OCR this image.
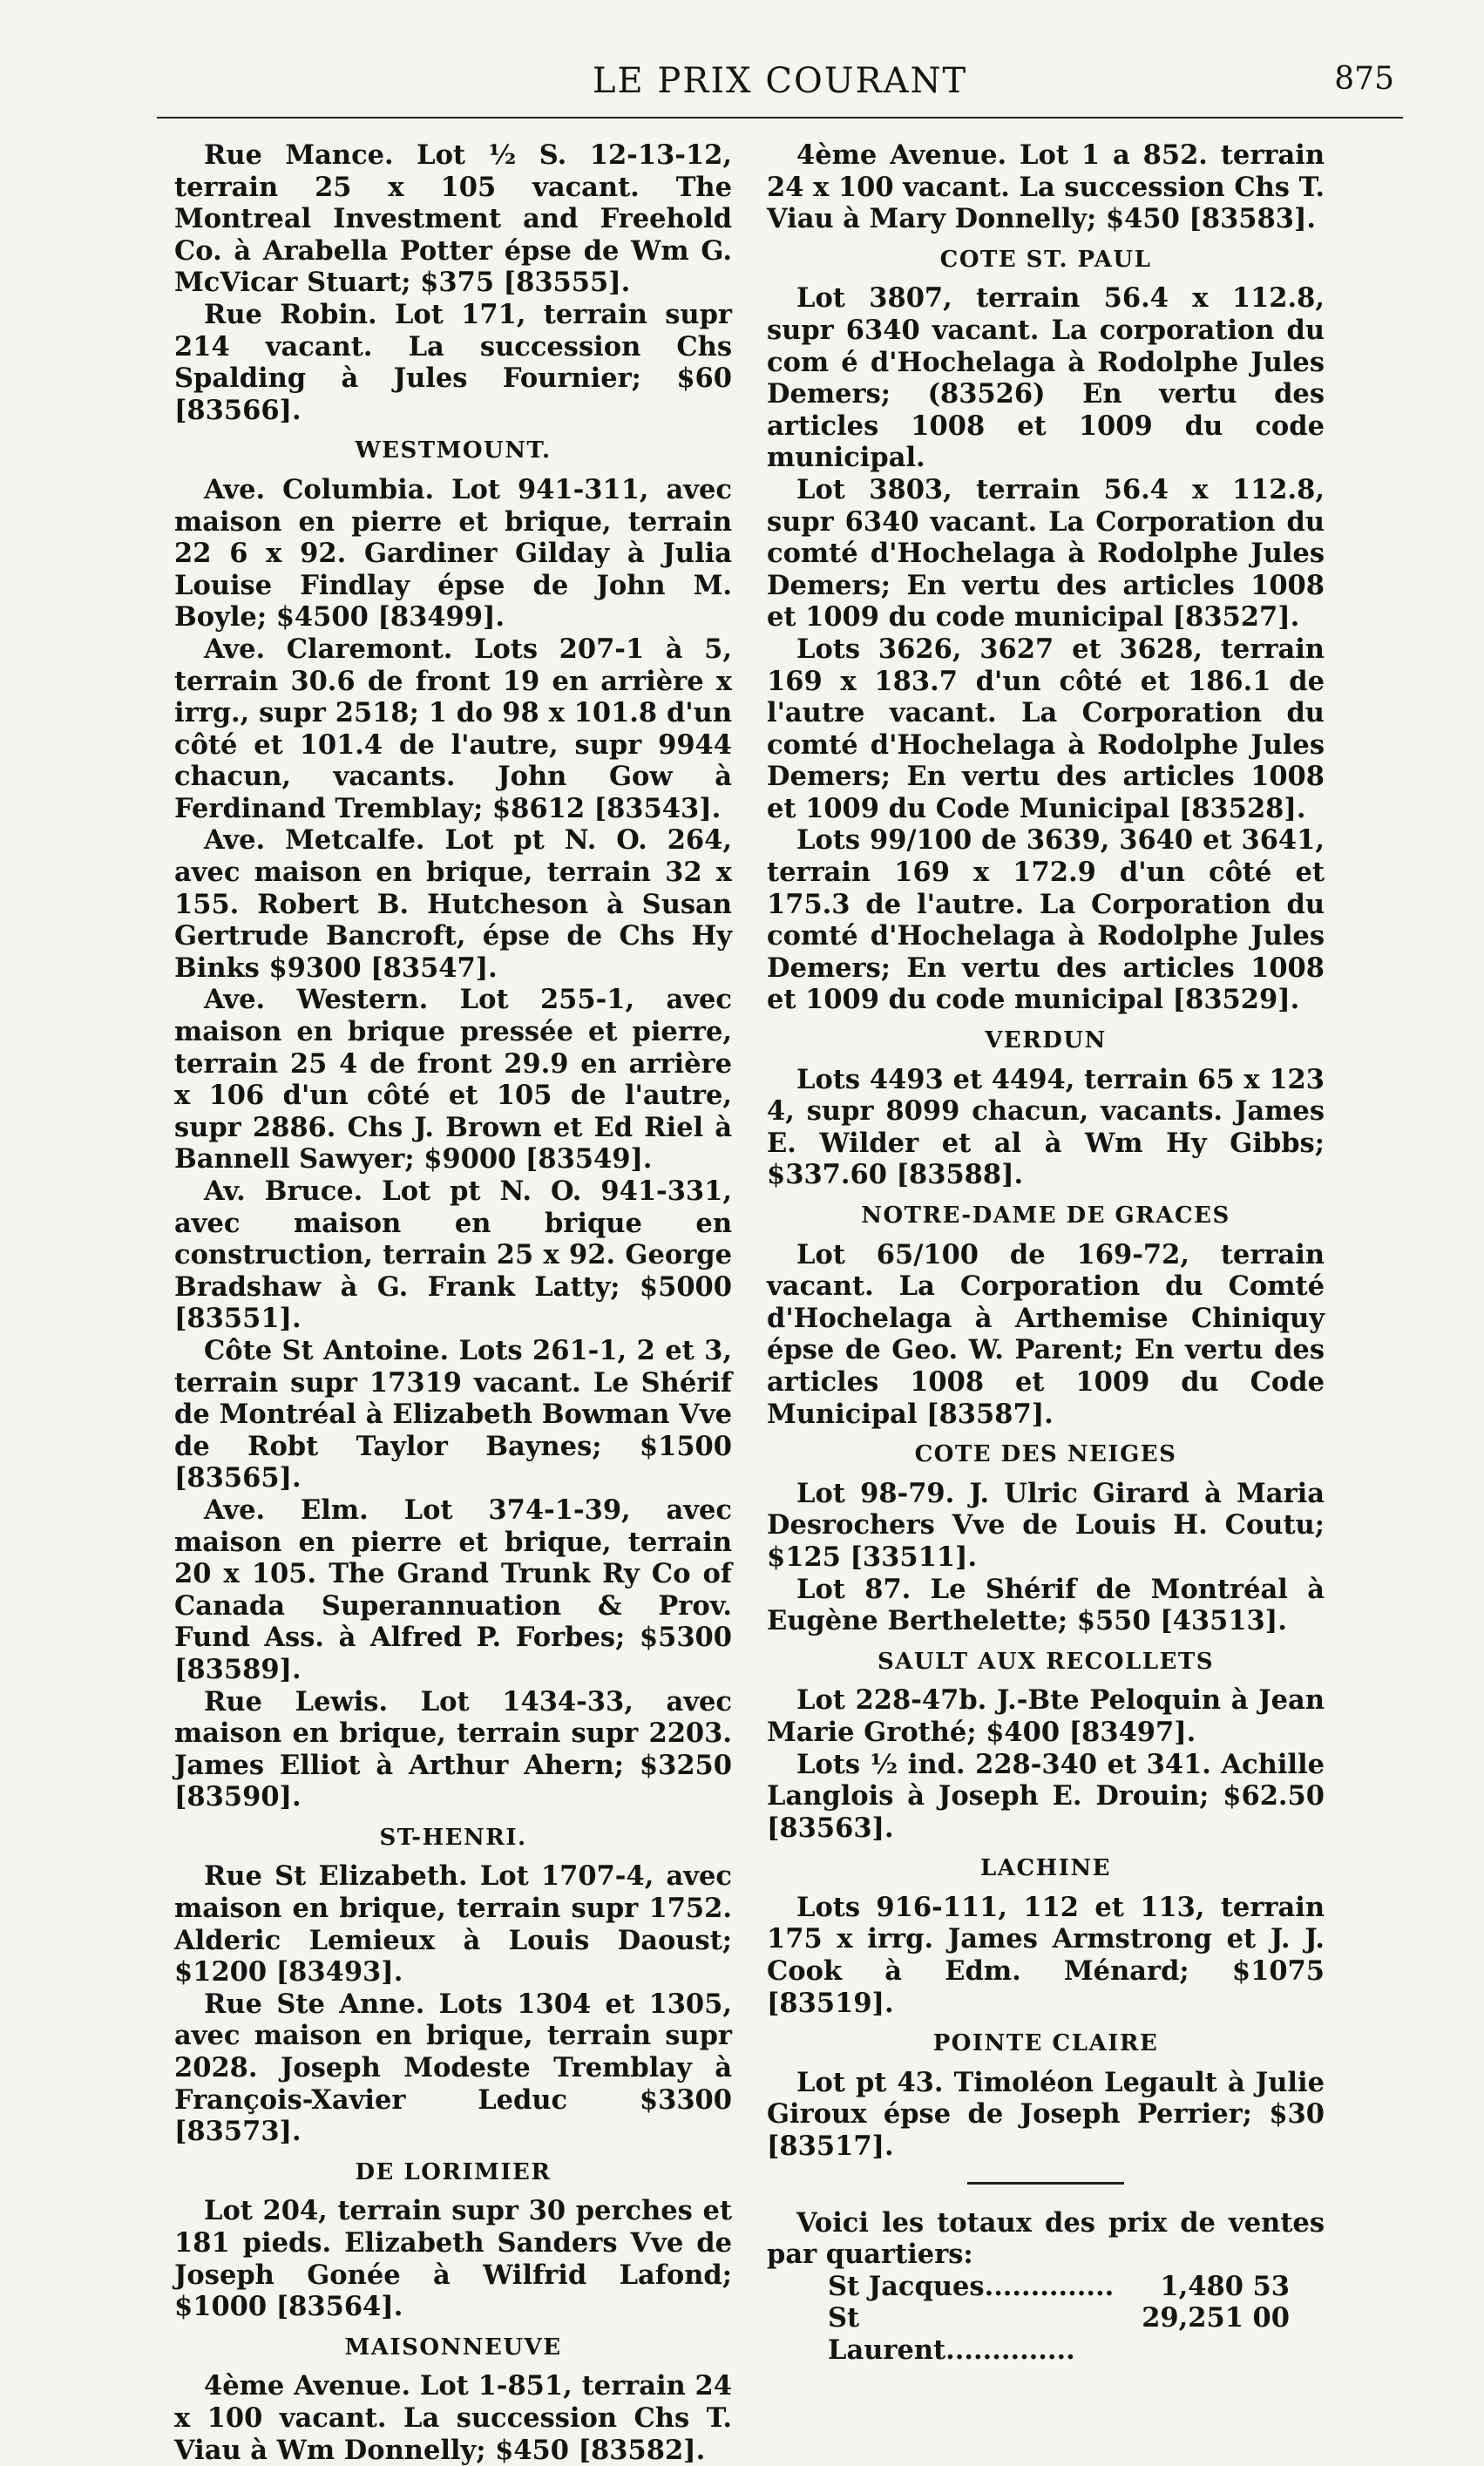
LE PRIX COURANT	875

Rue Mance. Lot ½ S. 12-13-12, terrain 25 x 105 vacant. The Montreal Investment and Freehold Co. à Arabella Potter épse de Wm G. McVicar Stuart; $375 [83555].

Rue Robin. Lot 171, terrain supr 214 vacant. La succession Chs Spalding à Jules Fournier; $60 [83566].

WESTMOUNT.

Ave. Columbia. Lot 941-311, avec maison en pierre et brique, terrain 22 6 x 92. Gardiner Gilday à Julia Louise Findlay épse de John M. Boyle; $4500 [83499].

Ave. Claremont. Lots 207-1 à 5, terrain 30.6 de front 19 en arrière x irrg., supr 2518; 1 do 98 x 101.8 d'un côté et 101.4 de l'autre, supr 9944 chacun, vacants. John Gow à Ferdinand Tremblay; $8612 [83543].

Ave. Metcalfe. Lot pt N. O. 264, avec maison en brique, terrain 32 x 155. Robert B. Hutcheson à Susan Gertrude Bancroft, épse de Chs Hy Binks $9300 [83547].

Ave. Western. Lot 255-1, avec maison en brique pressée et pierre, terrain 25 4 de front 29.9 en arrière x 106 d'un côté et 105 de l'autre, supr 2886. Chs J. Brown et Ed Riel à Bannell Sawyer; $9000 [83549].

Av. Bruce. Lot pt N. O. 941-331, avec maison en brique en construction, terrain 25 x 92. George Bradshaw à G. Frank Latty; $5000 [83551].

Côte St Antoine. Lots 261-1, 2 et 3, terrain supr 17319 vacant. Le Shérif de Montréal à Elizabeth Bowman Vve de Robt Taylor Baynes; $1500 [83565].

Ave. Elm. Lot 374-1-39, avec maison en pierre et brique, terrain 20 x 105. The Grand Trunk Ry Co of Canada Superannuation & Prov. Fund Ass. à Alfred P. Forbes; $5300 [83589].

Rue Lewis. Lot 1434-33, avec maison en brique, terrain supr 2203. James Elliot à Arthur Ahern; $3250 [83590].

ST-HENRI.

Rue St Elizabeth. Lot 1707-4, avec maison en brique, terrain supr 1752. Alderic Lemieux à Louis Daoust; $1200 [83493].

Rue Ste Anne. Lots 1304 et 1305, avec maison en brique, terrain supr 2028. Joseph Modeste Tremblay à François-Xavier Leduc $3300 [83573].

DE LORIMIER

Lot 204, terrain supr 30 perches et 181 pieds. Elizabeth Sanders Vve de Joseph Gonée à Wilfrid Lafond; $1000 [83564].

MAISONNEUVE

4ème Avenue. Lot 1-851, terrain 24 x 100 vacant. La succession Chs T. Viau à Wm Donnelly; $450 [83582].

4ème Avenue. Lot 1 a 852. terrain 24 x 100 vacant. La succession Chs T. Viau à Mary Donnelly; $450 [83583].

COTE ST. PAUL

Lot 3807, terrain 56.4 x 112.8, supr 6340 vacant. La corporation du com é d'Hochelaga à Rodolphe Jules Demers; (83526) En vertu des articles 1008 et 1009 du code municipal.

Lot 3803, terrain 56.4 x 112.8, supr 6340 vacant. La Corporation du comté d'Hochelaga à Rodolphe Jules Demers; En vertu des articles 1008 et 1009 du code municipal [83527].

Lots 3626, 3627 et 3628, terrain 169 x 183.7 d'un côté et 186.1 de l'autre vacant. La Corporation du comté d'Hochelaga à Rodolphe Jules Demers; En vertu des articles 1008 et 1009 du Code Municipal [83528].

Lots 99/100 de 3639, 3640 et 3641, terrain 169 x 172.9 d'un côté et 175.3 de l'autre. La Corporation du comté d'Hochelaga à Rodolphe Jules Demers; En vertu des articles 1008 et 1009 du code municipal [83529].

VERDUN

Lots 4493 et 4494, terrain 65 x 123 4, supr 8099 chacun, vacants. James E. Wilder et al à Wm Hy Gibbs; $337.60 [83588].

NOTRE-DAME DE GRACES

Lot 65/100 de 169-72, terrain vacant. La Corporation du Comté d'Hochelaga à Arthemise Chiniquy épse de Geo. W. Parent; En vertu des articles 1008 et 1009 du Code Municipal [83587].

COTE DES NEIGES

Lot 98-79. J. Ulric Girard à Maria Desrochers Vve de Louis H. Coutu; $125 [33511].

Lot 87. Le Shérif de Montréal à Eugène Berthelette; $550 [43513].

SAULT AUX RECOLLETS

Lot 228-47b. J.-Bte Peloquin à Jean Marie Grothé; $400 [83497].

Lots ½ ind. 228-340 et 341. Achille Langlois à Joseph E. Drouin; $62.50 [83563].

LACHINE

Lots 916-111, 112 et 113, terrain 175 x irrg. James Armstrong et J. J. Cook à Edm. Ménard; $1075 [83519].

POINTE CLAIRE

Lot pt 43. Timoléon Legault à Julie Giroux épse de Joseph Perrier; $30 [83517].

Voici les totaux des prix de ventes par quartiers:

St Jacques..............	1,480 53
St Laurent..............
29,251 00
